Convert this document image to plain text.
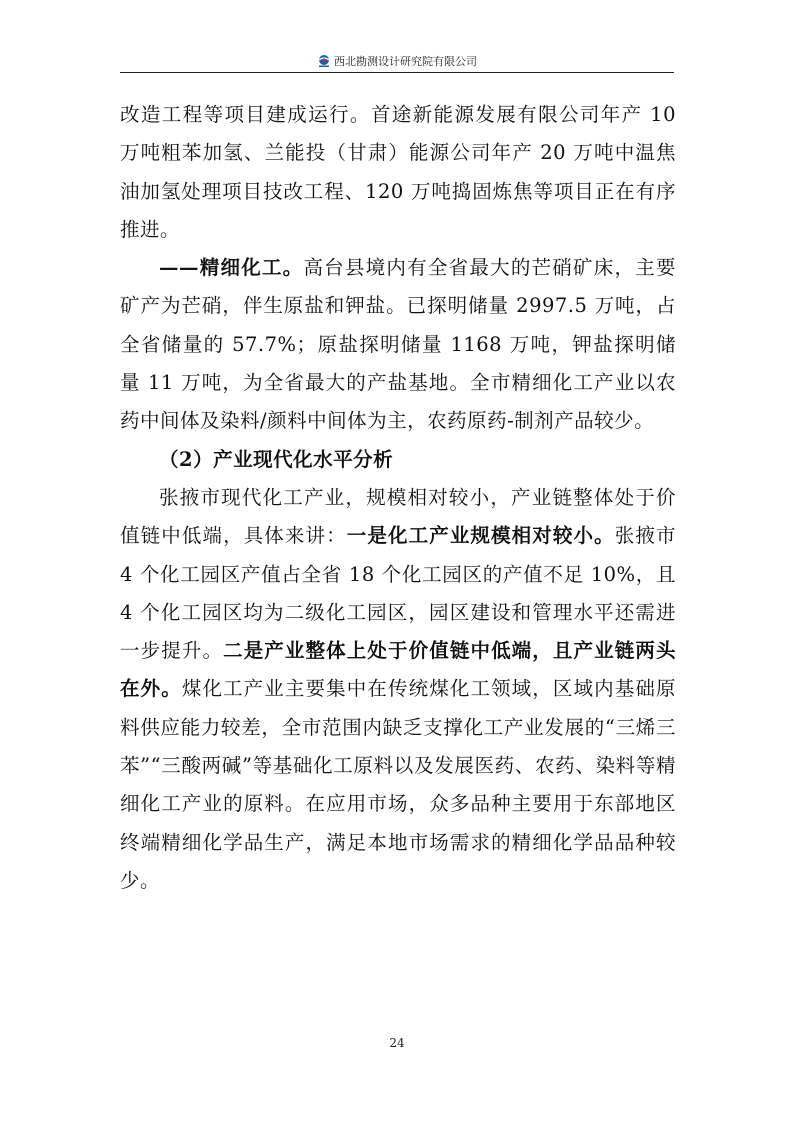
西北勘测设计研究院有限公司

改造工程等项目建成运行。首途新能源发展有限公司年产 10 万吨粗苯加氢、兰能投（甘肃）能源公司年产 20 万吨中温焦油加氢处理项目技改工程、120 万吨捣固炼焦等项目正在有序推进。

——精细化工。高台县境内有全省最大的芒硝矿床，主要矿产为芒硝，伴生原盐和钾盐。已探明储量 2997.5 万吨，占全省储量的 57.7%；原盐探明储量 1168 万吨，钾盐探明储量 11 万吨，为全省最大的产盐基地。全市精细化工产业以农药中间体及染料/颜料中间体为主，农药原药-制剂产品较少。

（2）产业现代化水平分析

张掖市现代化工产业，规模相对较小，产业链整体处于价值链中低端，具体来讲：一是化工产业规模相对较小。张掖市 4 个化工园区产值占全省 18 个化工园区的产值不足 10%，且 4 个化工园区均为二级化工园区，园区建设和管理水平还需进一步提升。二是产业整体上处于价值链中低端，且产业链两头在外。煤化工产业主要集中在传统煤化工领域，区域内基础原料供应能力较差，全市范围内缺乏支撑化工产业发展的“三烯三苯”“三酸两碱”等基础化工原料以及发展医药、农药、染料等精细化工产业的原料。在应用市场，众多品种主要用于东部地区终端精细化学品生产，满足本地市场需求的精细化学品品种较少。

24
